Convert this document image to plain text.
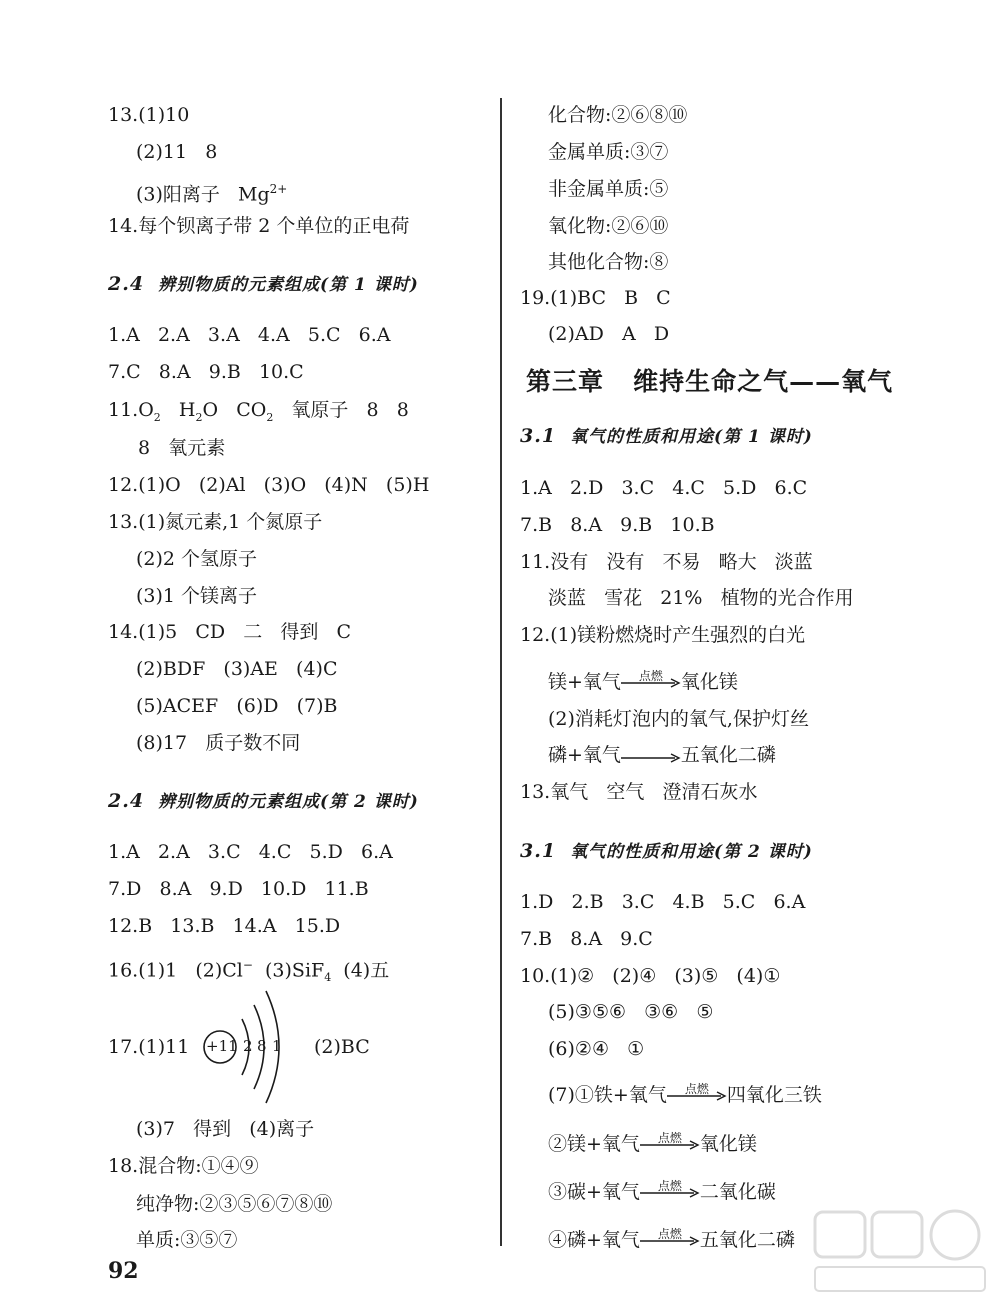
13.(1)10
(2)11   8
(3)阳离子   $Mg^{2+}$
14.每个钡离子带 2 个单位的正电荷
2.4 辨别物质的元素组成(第 1 课时)
1.A   2.A   3.A   4.A   5.C   6.A
7.C   8.A   9.B   10.C
$11.O_2$ $H_2O$   $CO_2$   氧原子   8   8
8   氧元素
12.(1)O   (2)Al   (3)O   (4)N   (5)H
13.(1)氮元素,1 个氮原子
(2)2 个氢原子
(3)1 个镁离子
14.(1)5   CD   二   得到   C
(2)BDF   (3)AE   (4)C
(5)ACEF   (6)D   (7)B
(8)17   质子数不同
2.4 辨别物质的元素组成(第 2 课时)
1.A   2.A   3.C   4.C   5.D   6.A
7.D   8.A   9.D   10.D   11.B
12.B   13.B   14.A   15.D
16.(1)1   (2)Cl−  (3)SiF$_4$  (4)五
17.(1)11	(2)BC
(3)7   得到   (4)离子
18.混合物:①④⑨
纯净物:②③⑤⑥⑦⑧⑩
单质:③⑤⑦
+11 2 8 1
化合物:②⑥⑧⑩
金属单质:③⑦
非金属单质:⑤
氧化物:②⑥⑩
其他化合物:⑧
19.(1)BC   B   C
(2)AD   A   D
第三章   维持生命之气——氧气
3.1 氧气的性质和用途(第 1 课时)
1.A   2.D   3.C   4.C   5.D   6.C
7.B   8.A   9.B   10.B
11.没有   没有   不易   略大   淡蓝
淡蓝   雪花   21%   植物的光合作用
12.(1)镁粉燃烧时产生强烈的白光
镁+氧气	点燃 氧化镁
(2)消耗灯泡内的氧气,保护灯丝
磷+氧气→五氧化二磷
13.氧气   空气   澄清石灰水
3.1 氧气的性质和用途(第 2 课时)
1.D   2.B   3.C   4.B   5.C   6.A
7.B   8.A   9.C
10.(1)②   (2)④   (3)⑤   (4)①
(5)③⑤⑥   ③⑥   ⑤
(6)②④   ①
(7)①铁+氧气	点燃 四氧化三铁
②镁+氧气	点燃 氧化镁
③碳+氧气	点燃 二氧化碳
④磷+氧气	点燃 五氧化二磷
92
